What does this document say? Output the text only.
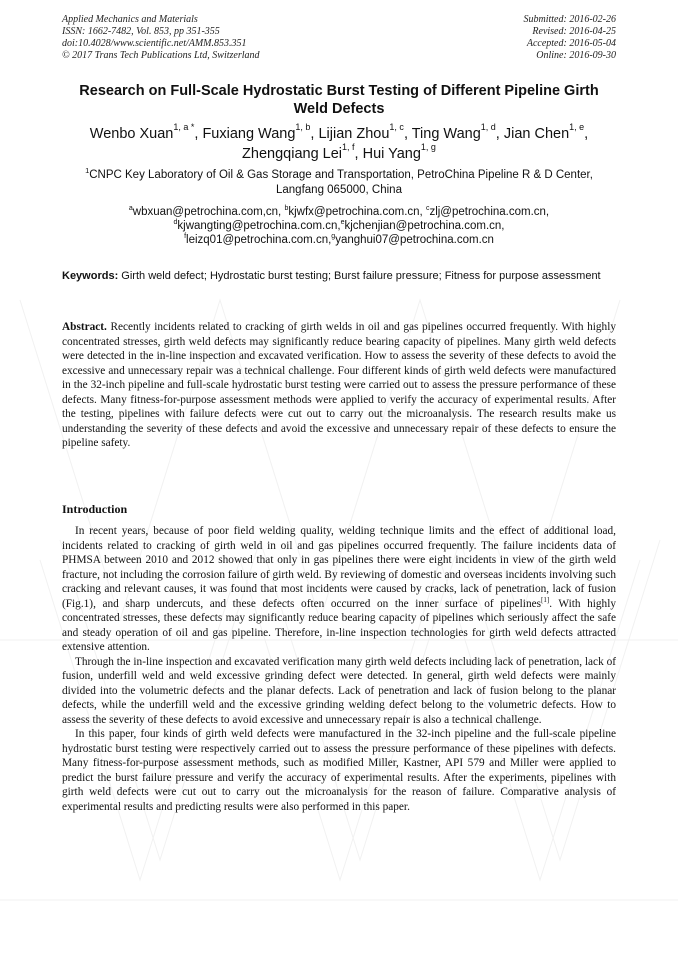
Applied Mechanics and Materials
ISSN: 1662-7482, Vol. 853, pp 351-355
doi:10.4028/www.scientific.net/AMM.853.351
© 2017 Trans Tech Publications Ltd, Switzerland
Submitted: 2016-02-26
Revised: 2016-04-25
Accepted: 2016-05-04
Online: 2016-09-30
Research on Full-Scale Hydrostatic Burst Testing of Different Pipeline Girth Weld Defects
Wenbo Xuan$^{1, a *}$, Fuxiang Wang$^{1, b}$, Lijian Zhou$^{1, c}$, Ting Wang$^{1, d}$, Jian Chen$^{1, e}$,
Zhengqiang Lei$^{1, f}$, Hui Yang$^{1, g}$
$^1$CNPC Key Laboratory of Oil & Gas Storage and Transportation, PetroChina Pipeline R & D Center, Langfang 065000, China
$^a$wbxuan@petrochina.com,cn, $^b$kjwfx@petrochina.com.cn, $^c$zlj@petrochina.com.cn,
$^d$kjwangting@petrochina.com.cn,$^e$kjchenjian@petrochina.com.cn,
$^f$leizq01@petrochina.com.cn,$^g$yanghui07@petrochina.com.cn
Keywords: Girth weld defect; Hydrostatic burst testing; Burst failure pressure; Fitness for purpose assessment
Abstract. Recently incidents related to cracking of girth welds in oil and gas pipelines occurred frequently. With highly concentrated stresses, girth weld defects may significantly reduce bearing capacity of pipelines. Many girth weld defects were detected in the in-line inspection and excavated verification. How to assess the severity of these defects to avoid the excessive and unnecessary repair was a technical challenge. Four different kinds of girth weld defects were manufactured in the 32-inch pipeline and full-scale hydrostatic burst testing were carried out to assess the pressure performance of these defects. Many fitness-for-purpose assessment methods were applied to verify the accuracy of experimental results. After the testing, pipelines with failure defects were cut out to carry out the microanalysis. The research results make us understanding the severity of these defects and avoid the excessive and unnecessary repair of these defects to ensure the pipeline safety.
Introduction

In recent years, because of poor field welding quality, welding technique limits and the effect of additional load, incidents related to cracking of girth weld in oil and gas pipelines occurred frequently. The failure incidents data of PHMSA between 2010 and 2012 showed that only in gas pipelines there were eight incidents in view of the girth weld fracture, not including the corrosion failure of girth weld. By reviewing of domestic and overseas incidents involving such cracking and relevant causes, it was found that most incidents were caused by cracks, lack of penetration, lack of fusion (Fig.1), and sharp undercuts, and these defects often occurred on the inner surface of pipelines[1]. With highly concentrated stresses, these defects may significantly reduce bearing capacity of pipelines which seriously affect the safe and steady operation of oil and gas pipeline. Therefore, in-line inspection technologies for girth weld defects attracted extensive attention.

Through the in-line inspection and excavated verification many girth weld defects including lack of penetration, lack of fusion, underfill weld and weld excessive grinding defect were detected. In general, girth weld defects were mainly divided into the volumetric defects and the planar defects. Lack of penetration and lack of fusion belong to the planar defects, while the underfill weld and the excessive grinding welding defect belong to the volumetric defects. How to assess the severity of these defects to avoid excessive and unnecessary repair is also a technical challenge.

In this paper, four kinds of girth weld defects were manufactured in the 32-inch pipeline and the full-scale pipeline hydrostatic burst testing were respectively carried out to assess the pressure performance of these pipelines with defects. Many fitness-for-purpose assessment methods, such as modified Miller, Kastner, API 579 and Miller were applied to predict the burst failure pressure and verify the accuracy of experimental results. After the experiments, pipelines with girth weld defects were cut out to carry out the microanalysis for the reason of failure. Comparative analysis of experimental results and predicting results were also performed in this paper.
